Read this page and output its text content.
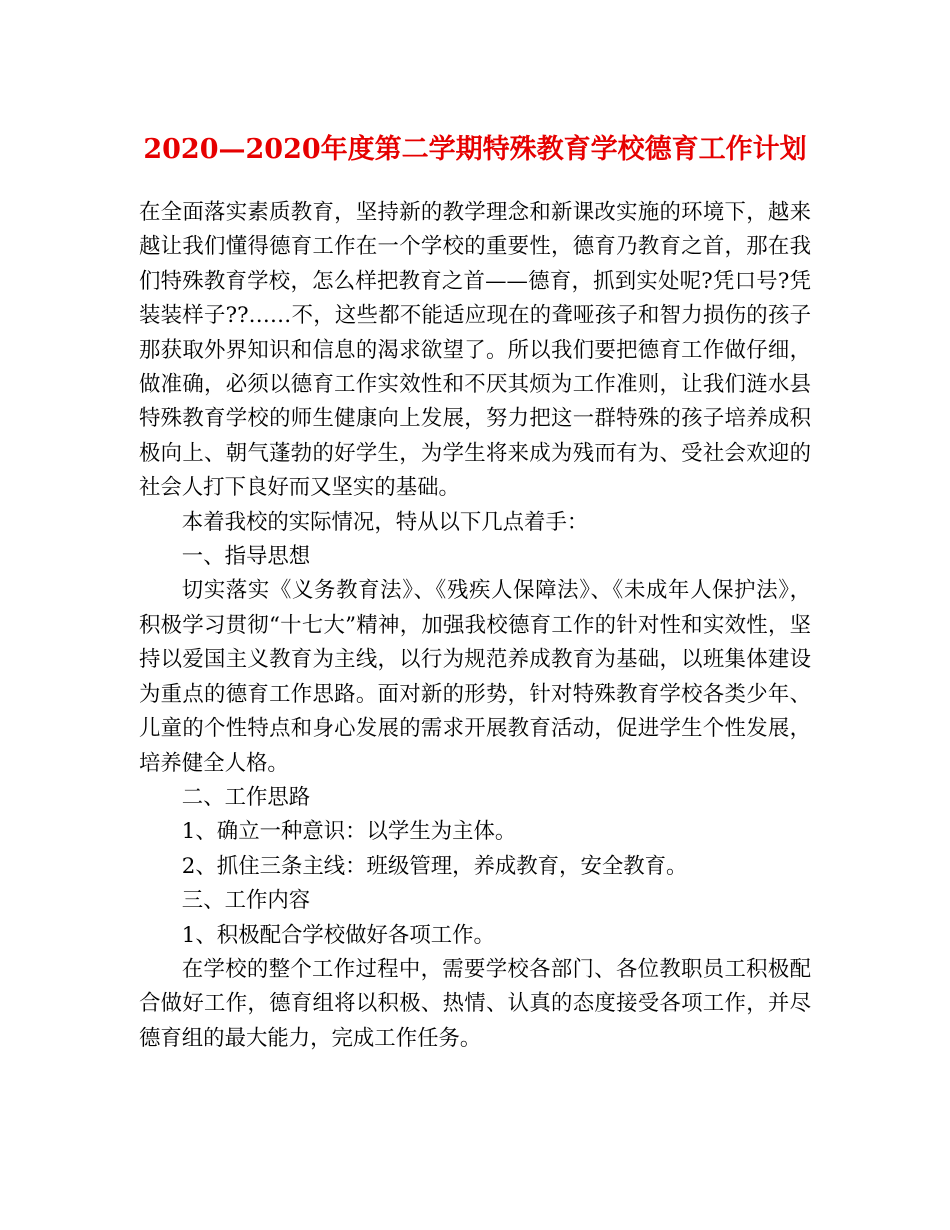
2020—2020年度第二学期特殊教育学校德育工作计划

在全面落实素质教育，坚持新的教学理念和新课改实施的环境下，越来越让我们懂得德育工作在一个学校的重要性，德育乃教育之首，那在我们特殊教育学校，怎么样把教育之首——德育，抓到实处呢?凭口号?凭装装样子??……不，这些都不能适应现在的聋哑孩子和智力损伤的孩子那获取外界知识和信息的渴求欲望了。所以我们要把德育工作做仔细，做准确，必须以德育工作实效性和不厌其烦为工作准则，让我们涟水县特殊教育学校的师生健康向上发展，努力把这一群特殊的孩子培养成积极向上、朝气蓬勃的好学生，为学生将来成为残而有为、受社会欢迎的社会人打下良好而又坚实的基础。

本着我校的实际情况，特从以下几点着手：

一、指导思想

切实落实《义务教育法》、《残疾人保障法》、《未成年人保护法》，积极学习贯彻“十七大”精神，加强我校德育工作的针对性和实效性，坚持以爱国主义教育为主线，以行为规范养成教育为基础，以班集体建设为重点的德育工作思路。面对新的形势，针对特殊教育学校各类少年、儿童的个性特点和身心发展的需求开展教育活动，促进学生个性发展，培养健全人格。

二、工作思路

1、确立一种意识：以学生为主体。

2、抓住三条主线：班级管理，养成教育，安全教育。

三、工作内容

1、积极配合学校做好各项工作。

在学校的整个工作过程中，需要学校各部门、各位教职员工积极配合做好工作，德育组将以积极、热情、认真的态度接受各项工作，并尽德育组的最大能力，完成工作任务。
